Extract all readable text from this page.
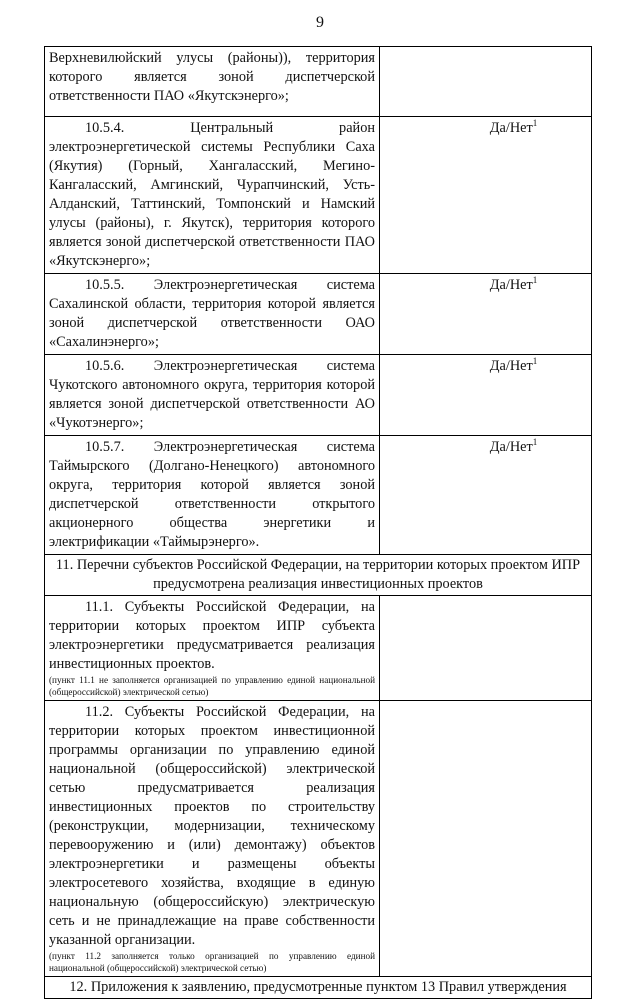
9
Верхневилюйский улусы (районы)), территория которого является зоной диспетчерской ответственности ПАО «Якутскэнерго»;	
10.5.4. Центральный район электроэнергетической системы Республики Саха (Якутия) (Горный, Хангаласский, Мегино-Кангаласский, Амгинский, Чурапчинский, Усть-Алданский, Таттинский, Томпонский и Намский улусы (районы), г. Якутск), территория которого является зоной диспетчерской ответственности ПАО «Якутскэнерго»;	Да/Нет$^1$
10.5.5. Электроэнергетическая система Сахалинской области, территория которой является зоной диспетчерской ответственности ОАО «Сахалинэнерго»;	Да/Нет$^1$
10.5.6. Электроэнергетическая система Чукотского автономного округа, территория которой является зоной диспетчерской ответственности АО «Чукотэнерго»;	Да/Нет$^1$
10.5.7. Электроэнергетическая система Таймырского (Долгано-Ненецкого) автономного округа, территория которой является зоной диспетчерской ответственности открытого акционерного общества энергетики и электрификации «Таймырэнерго».	Да/Нет$^1$
11. Перечни субъектов Российской Федерации, на территории которых проектом ИПР предусмотрена реализация инвестиционных проектов	

11.1. Субъекты Российской Федерации, на территории которых проектом ИПР субъекта электроэнергетики предусматривается реализация инвестиционных проектов.
(пункт 11.1 не заполняется организацией по управлению единой национальной (общероссийской) электрической сетью)	

11.2. Субъекты Российской Федерации, на территории которых проектом инвестиционной программы организации по управлению единой национальной (общероссийской) электрической сетью предусматривается реализация инвестиционных проектов по строительству (реконструкции, модернизации, техническому перевооружению и (или) демонтажу) объектов электроэнергетики и размещены объекты электросетевого хозяйства, входящие в единую национальную (общероссийскую) электрическую сеть и не принадлежащие на праве собственности указанной организации.
(пункт 11.2 заполняется только организацией по управлению единой национальной (общероссийской) электрической сетью)	

12. Приложения к заявлению, предусмотренные пунктом 13 Правил утверждения	
